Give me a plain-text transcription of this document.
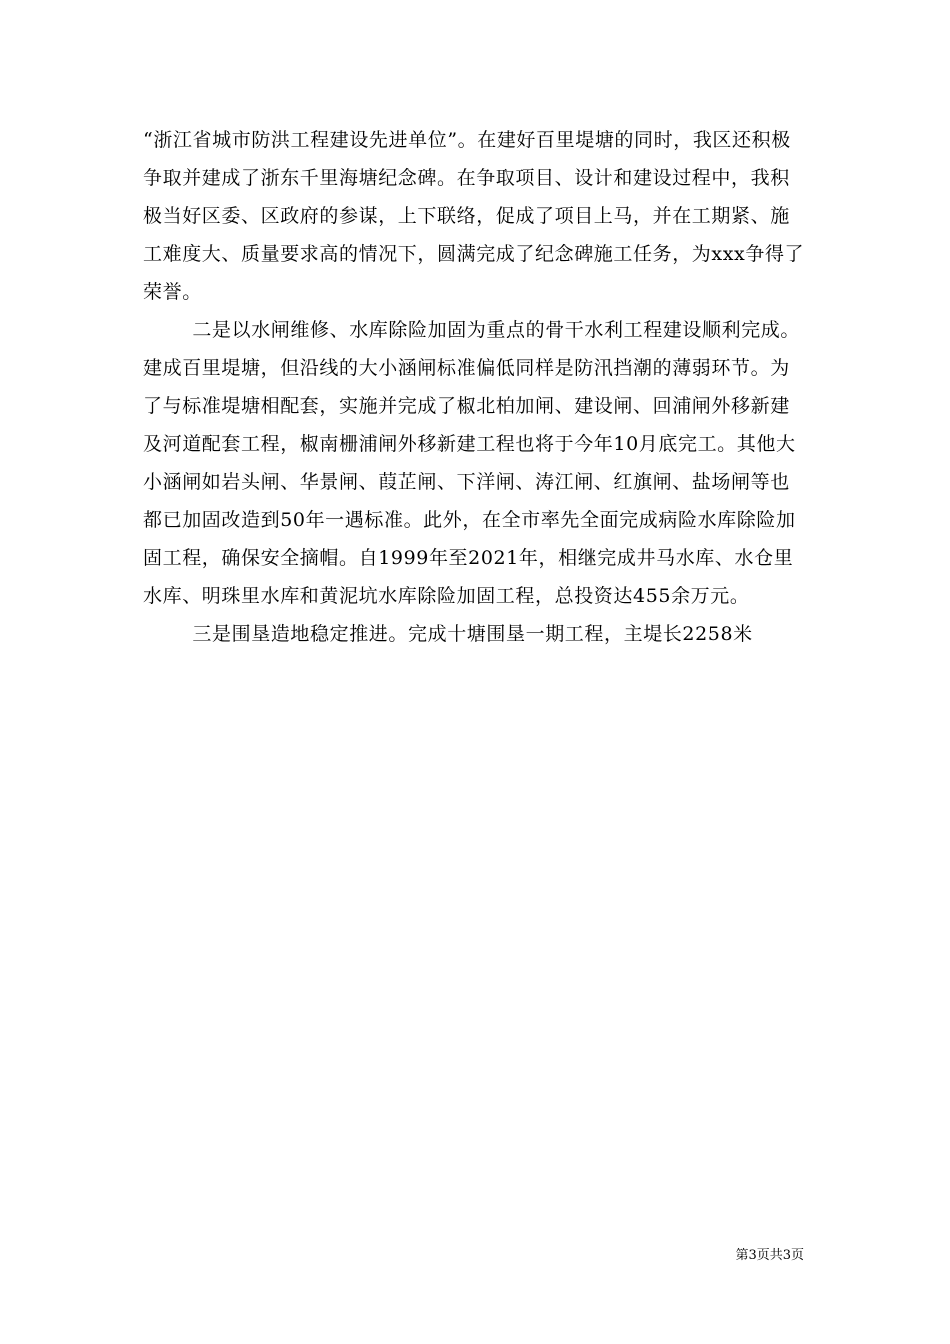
“浙江省城市防洪工程建设先进单位”。在建好百里堤塘的同时，我区还积极争取并建成了浙东千里海塘纪念碑。在争取项目、设计和建设过程中，我积极当好区委、区政府的参谋，上下联络，促成了项目上马，并在工期紧、施工难度大、质量要求高的情况下，圆满完成了纪念碑施工任务，为xxx争得了荣誉。

二是以水闸维修、水库除险加固为重点的骨干水利工程建设顺利完成。建成百里堤塘，但沿线的大小涵闸标准偏低同样是防汛挡潮的薄弱环节。为了与标准堤塘相配套，实施并完成了椒北柏加闸、建设闸、回浦闸外移新建及河道配套工程，椒南栅浦闸外移新建工程也将于今年10月底完工。其他大小涵闸如岩头闸、华景闸、葭芷闸、下洋闸、涛江闸、红旗闸、盐场闸等也都已加固改造到50年一遇标准。此外，在全市率先全面完成病险水库除险加固工程，确保安全摘帽。自1999年至2021年，相继完成井马水库、水仓里水库、明珠里水库和黄泥坑水库除险加固工程，总投资达455余万元。

三是围垦造地稳定推进。完成十塘围垦一期工程，主堤长2258米

第3页共3页
